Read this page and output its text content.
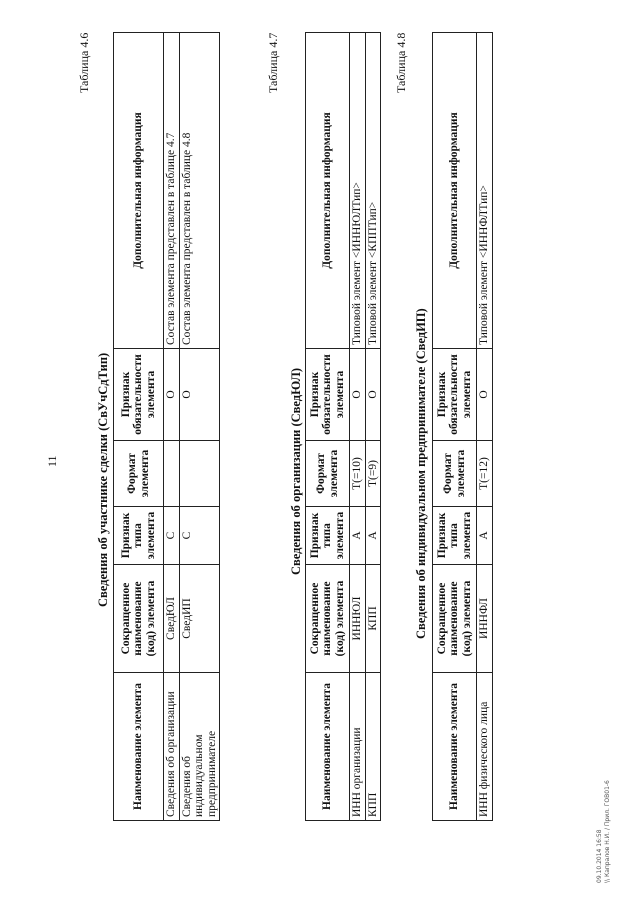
11
Таблица 4.6
Сведения об участнике сделки (СвУчСдТип)
Наименование элемента	Сокращенное наименование (код) элемента	Признак типа элемента	Формат элемента	Признак обязательности элемента	Дополнительная информация
Сведения об организации	СведЮЛ	С		О	Состав элемента представлен в таблице 4.7
Сведения об индивидуальном предпринимателе	СведИП	С		О	Состав элемента представлен в таблице 4.8
Таблица 4.7
Сведения об организации (СведЮЛ)
Наименование элемента	Сокращенное наименование (код) элемента	Признак типа элемента	Формат элемента	Признак обязательности элемента	Дополнительная информация
ИНН организации	ИННЮЛ	А	Т(=10)	О	Типовой элемент <ИННЮЛТип>
КПП	КПП	А	Т(=9)	О	Типовой элемент <КППТип>
Таблица 4.8
Сведения об индивидуальном предпринимателе (СведИП)
Наименование элемента	Сокращенное наименование (код) элемента	Признак типа элемента	Формат элемента	Признак обязательности элемента	Дополнительная информация
ИНН физического лица	ИННФЛ	А	Т(=12)	О	Типовой элемент <ИННФЛТип>
09.10.2014 16:58 \\ Капралов Н.И. / Прил. ГОВ01-6
